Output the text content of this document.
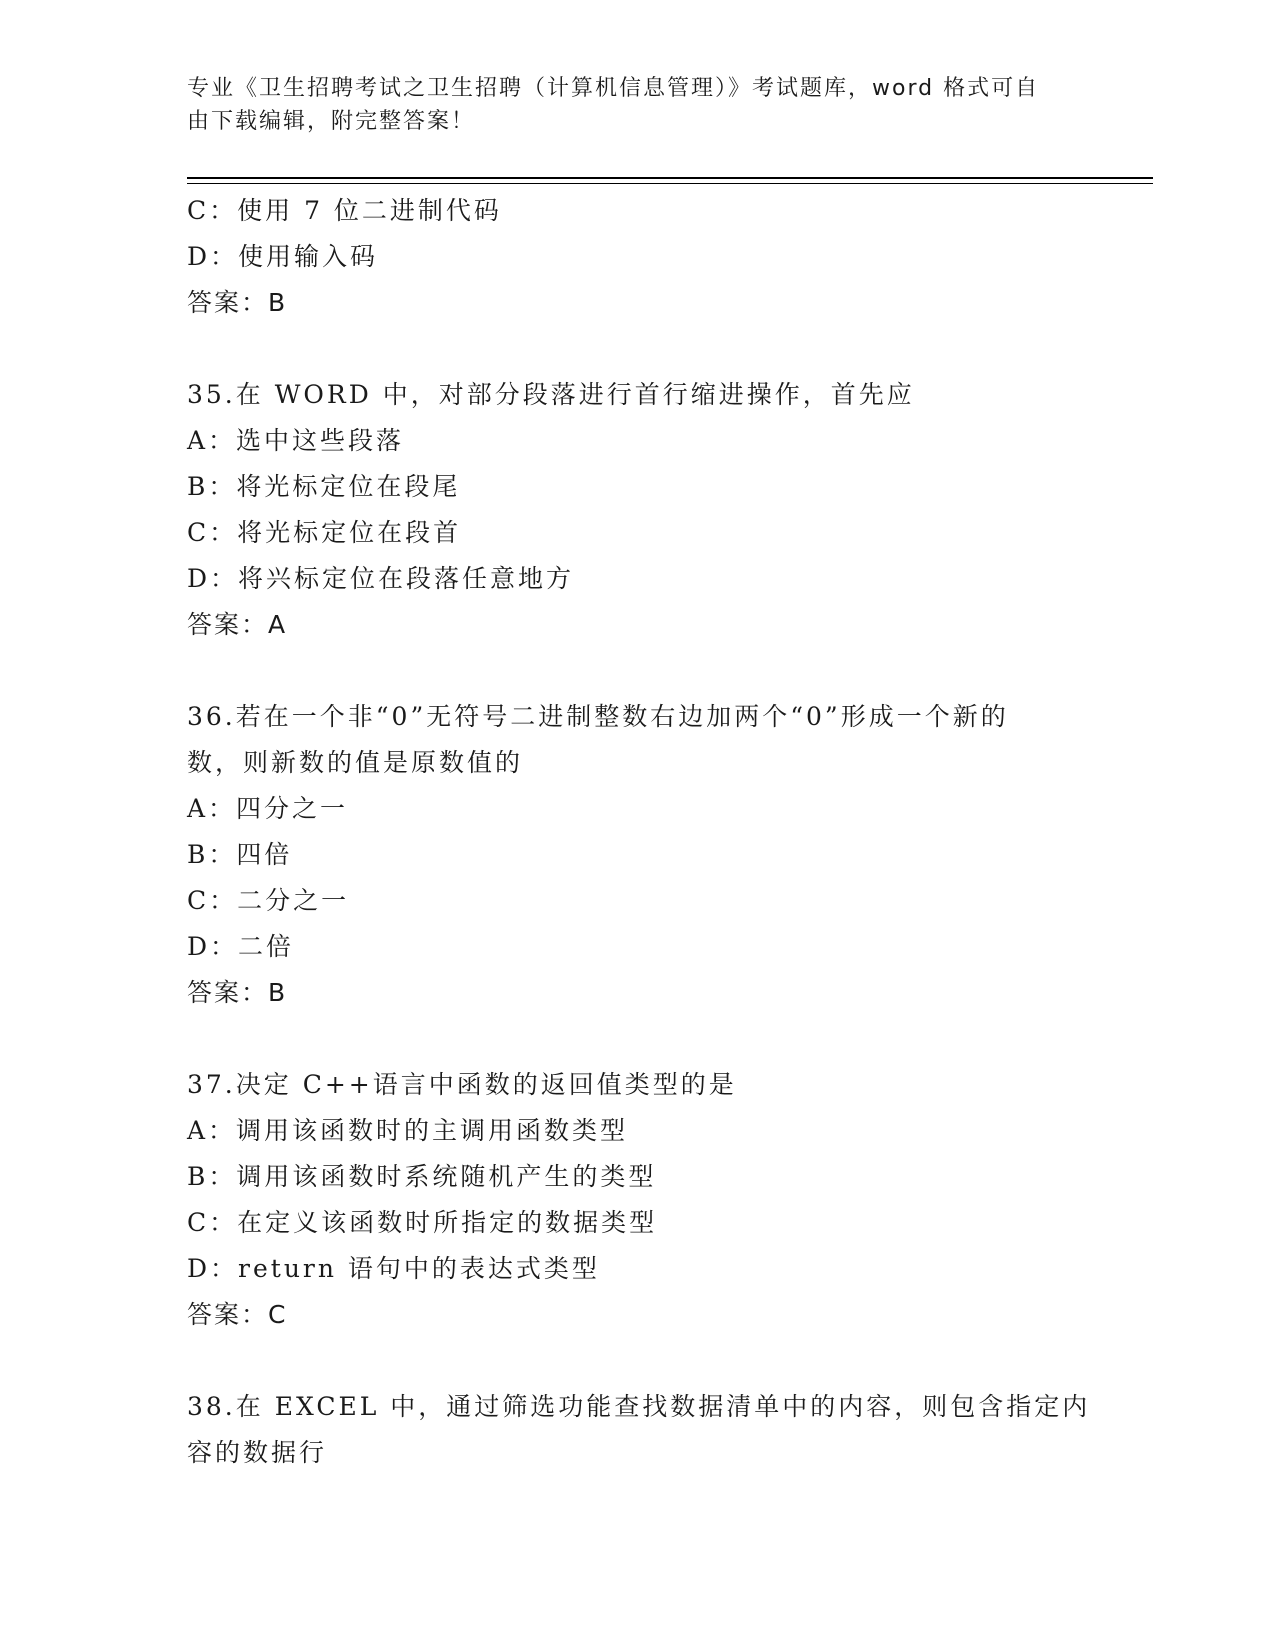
专业《卫生招聘考试之卫生招聘（计算机信息管理）》考试题库，word 格式可自
由下载编辑，附完整答案！
C：使用 7 位二进制代码
D：使用输入码
答案：B
35.在 WORD 中，对部分段落进行首行缩进操作，首先应
A：选中这些段落
B：将光标定位在段尾
C：将光标定位在段首
D：将兴标定位在段落任意地方
答案：A
36.若在一个非“0”无符号二进制整数右边加两个“0”形成一个新的
数，则新数的值是原数值的
A：四分之一
B：四倍
C：二分之一
D：二倍
答案：B
37.决定 C++语言中函数的返回值类型的是
A：调用该函数时的主调用函数类型
B：调用该函数时系统随机产生的类型
C：在定义该函数时所指定的数据类型
D：return 语句中的表达式类型
答案：C
38.在 EXCEL 中，通过筛选功能查找数据清单中的内容，则包含指定内
容的数据行
